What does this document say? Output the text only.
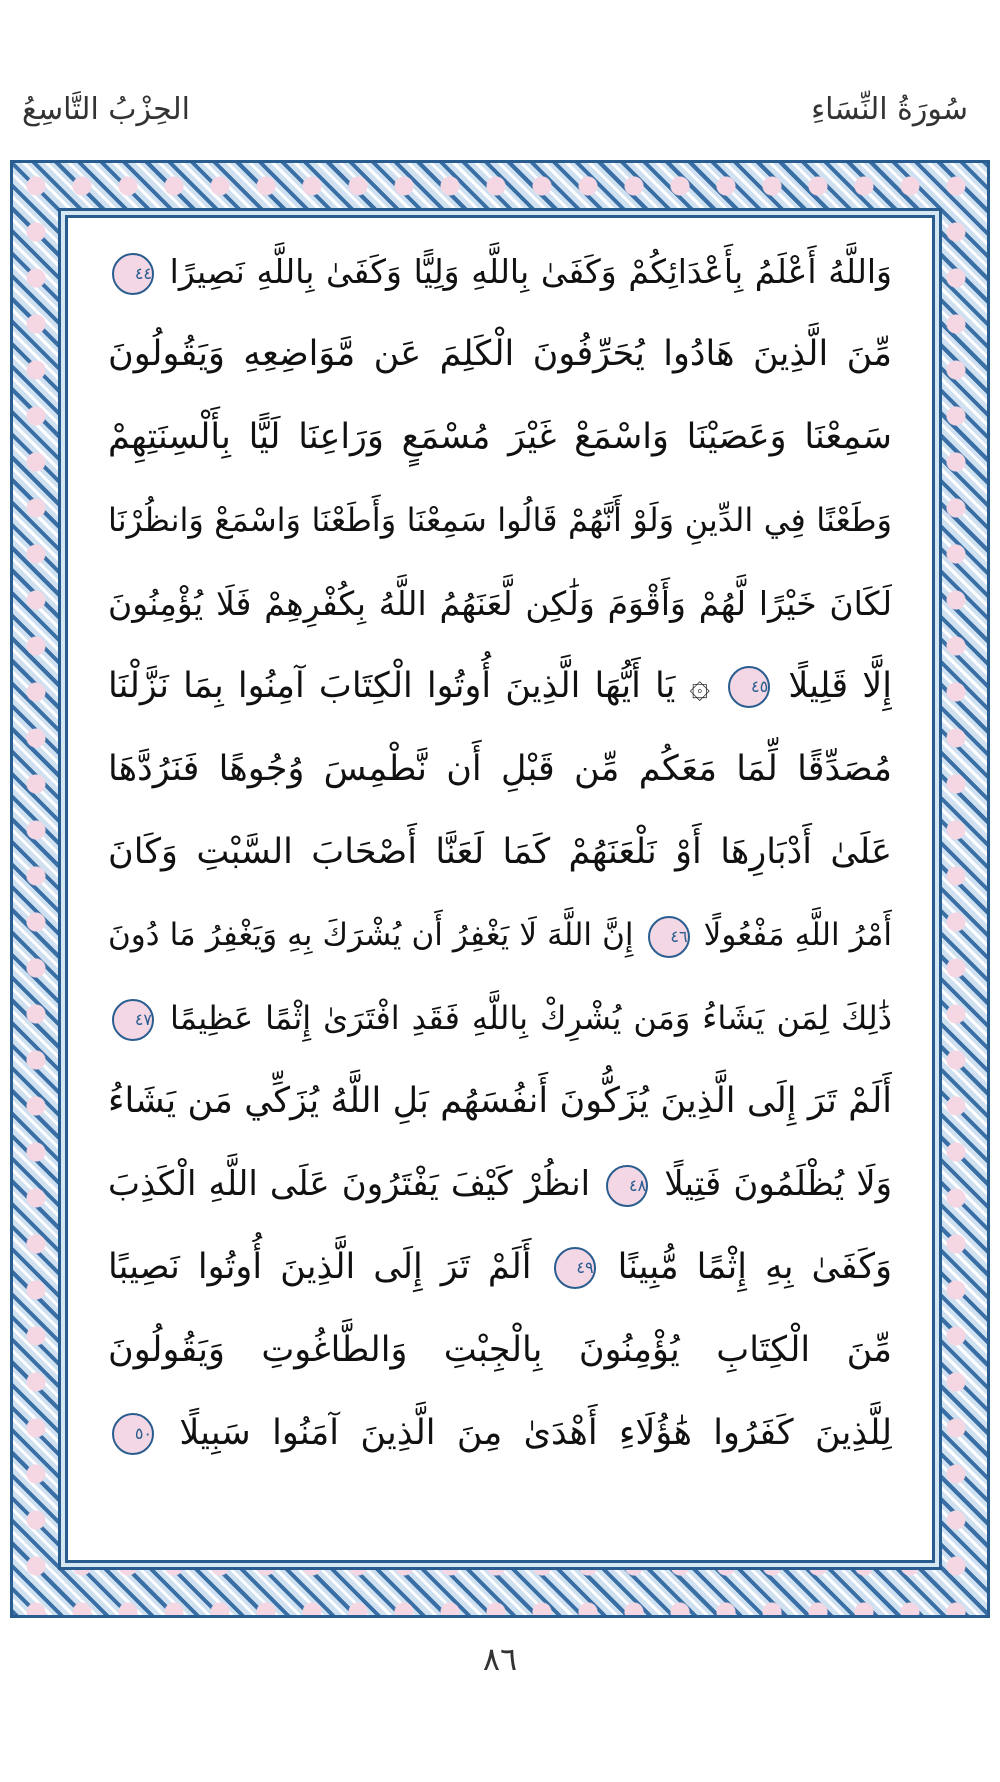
سُورَةُ النِّسَاءِ
الحِزْبُ التَّاسِعُ
وَاللَّهُ أَعْلَمُ بِأَعْدَائِكُمْ وَكَفَىٰ بِاللَّهِ وَلِيًّا وَكَفَىٰ بِاللَّهِ نَصِيرًا ٤٤
مِّنَ الَّذِينَ هَادُوا يُحَرِّفُونَ الْكَلِمَ عَن مَّوَاضِعِهِ وَيَقُولُونَ
سَمِعْنَا وَعَصَيْنَا وَاسْمَعْ غَيْرَ مُسْمَعٍ وَرَاعِنَا لَيًّا بِأَلْسِنَتِهِمْ
وَطَعْنًا فِي الدِّينِ وَلَوْ أَنَّهُمْ قَالُوا سَمِعْنَا وَأَطَعْنَا وَاسْمَعْ وَانظُرْنَا
لَكَانَ خَيْرًا لَّهُمْ وَأَقْوَمَ وَلَٰكِن لَّعَنَهُمُ اللَّهُ بِكُفْرِهِمْ فَلَا يُؤْمِنُونَ
إِلَّا قَلِيلًا ٤٥ ۞ يَا أَيُّهَا الَّذِينَ أُوتُوا الْكِتَابَ آمِنُوا بِمَا نَزَّلْنَا
مُصَدِّقًا لِّمَا مَعَكُم مِّن قَبْلِ أَن نَّطْمِسَ وُجُوهًا فَنَرُدَّهَا
عَلَىٰ أَدْبَارِهَا أَوْ نَلْعَنَهُمْ كَمَا لَعَنَّا أَصْحَابَ السَّبْتِ وَكَانَ
أَمْرُ اللَّهِ مَفْعُولًا ٤٦ إِنَّ اللَّهَ لَا يَغْفِرُ أَن يُشْرَكَ بِهِ وَيَغْفِرُ مَا دُونَ
ذَٰلِكَ لِمَن يَشَاءُ وَمَن يُشْرِكْ بِاللَّهِ فَقَدِ افْتَرَىٰ إِثْمًا عَظِيمًا ٤٧
أَلَمْ تَرَ إِلَى الَّذِينَ يُزَكُّونَ أَنفُسَهُم بَلِ اللَّهُ يُزَكِّي مَن يَشَاءُ
وَلَا يُظْلَمُونَ فَتِيلًا ٤٨ انظُرْ كَيْفَ يَفْتَرُونَ عَلَى اللَّهِ الْكَذِبَ
وَكَفَىٰ بِهِ إِثْمًا مُّبِينًا ٤٩ أَلَمْ تَرَ إِلَى الَّذِينَ أُوتُوا نَصِيبًا
مِّنَ الْكِتَابِ يُؤْمِنُونَ بِالْجِبْتِ وَالطَّاغُوتِ وَيَقُولُونَ
لِلَّذِينَ كَفَرُوا هَٰؤُلَاءِ أَهْدَىٰ مِنَ الَّذِينَ آمَنُوا سَبِيلًا ٥٠
٨٦
